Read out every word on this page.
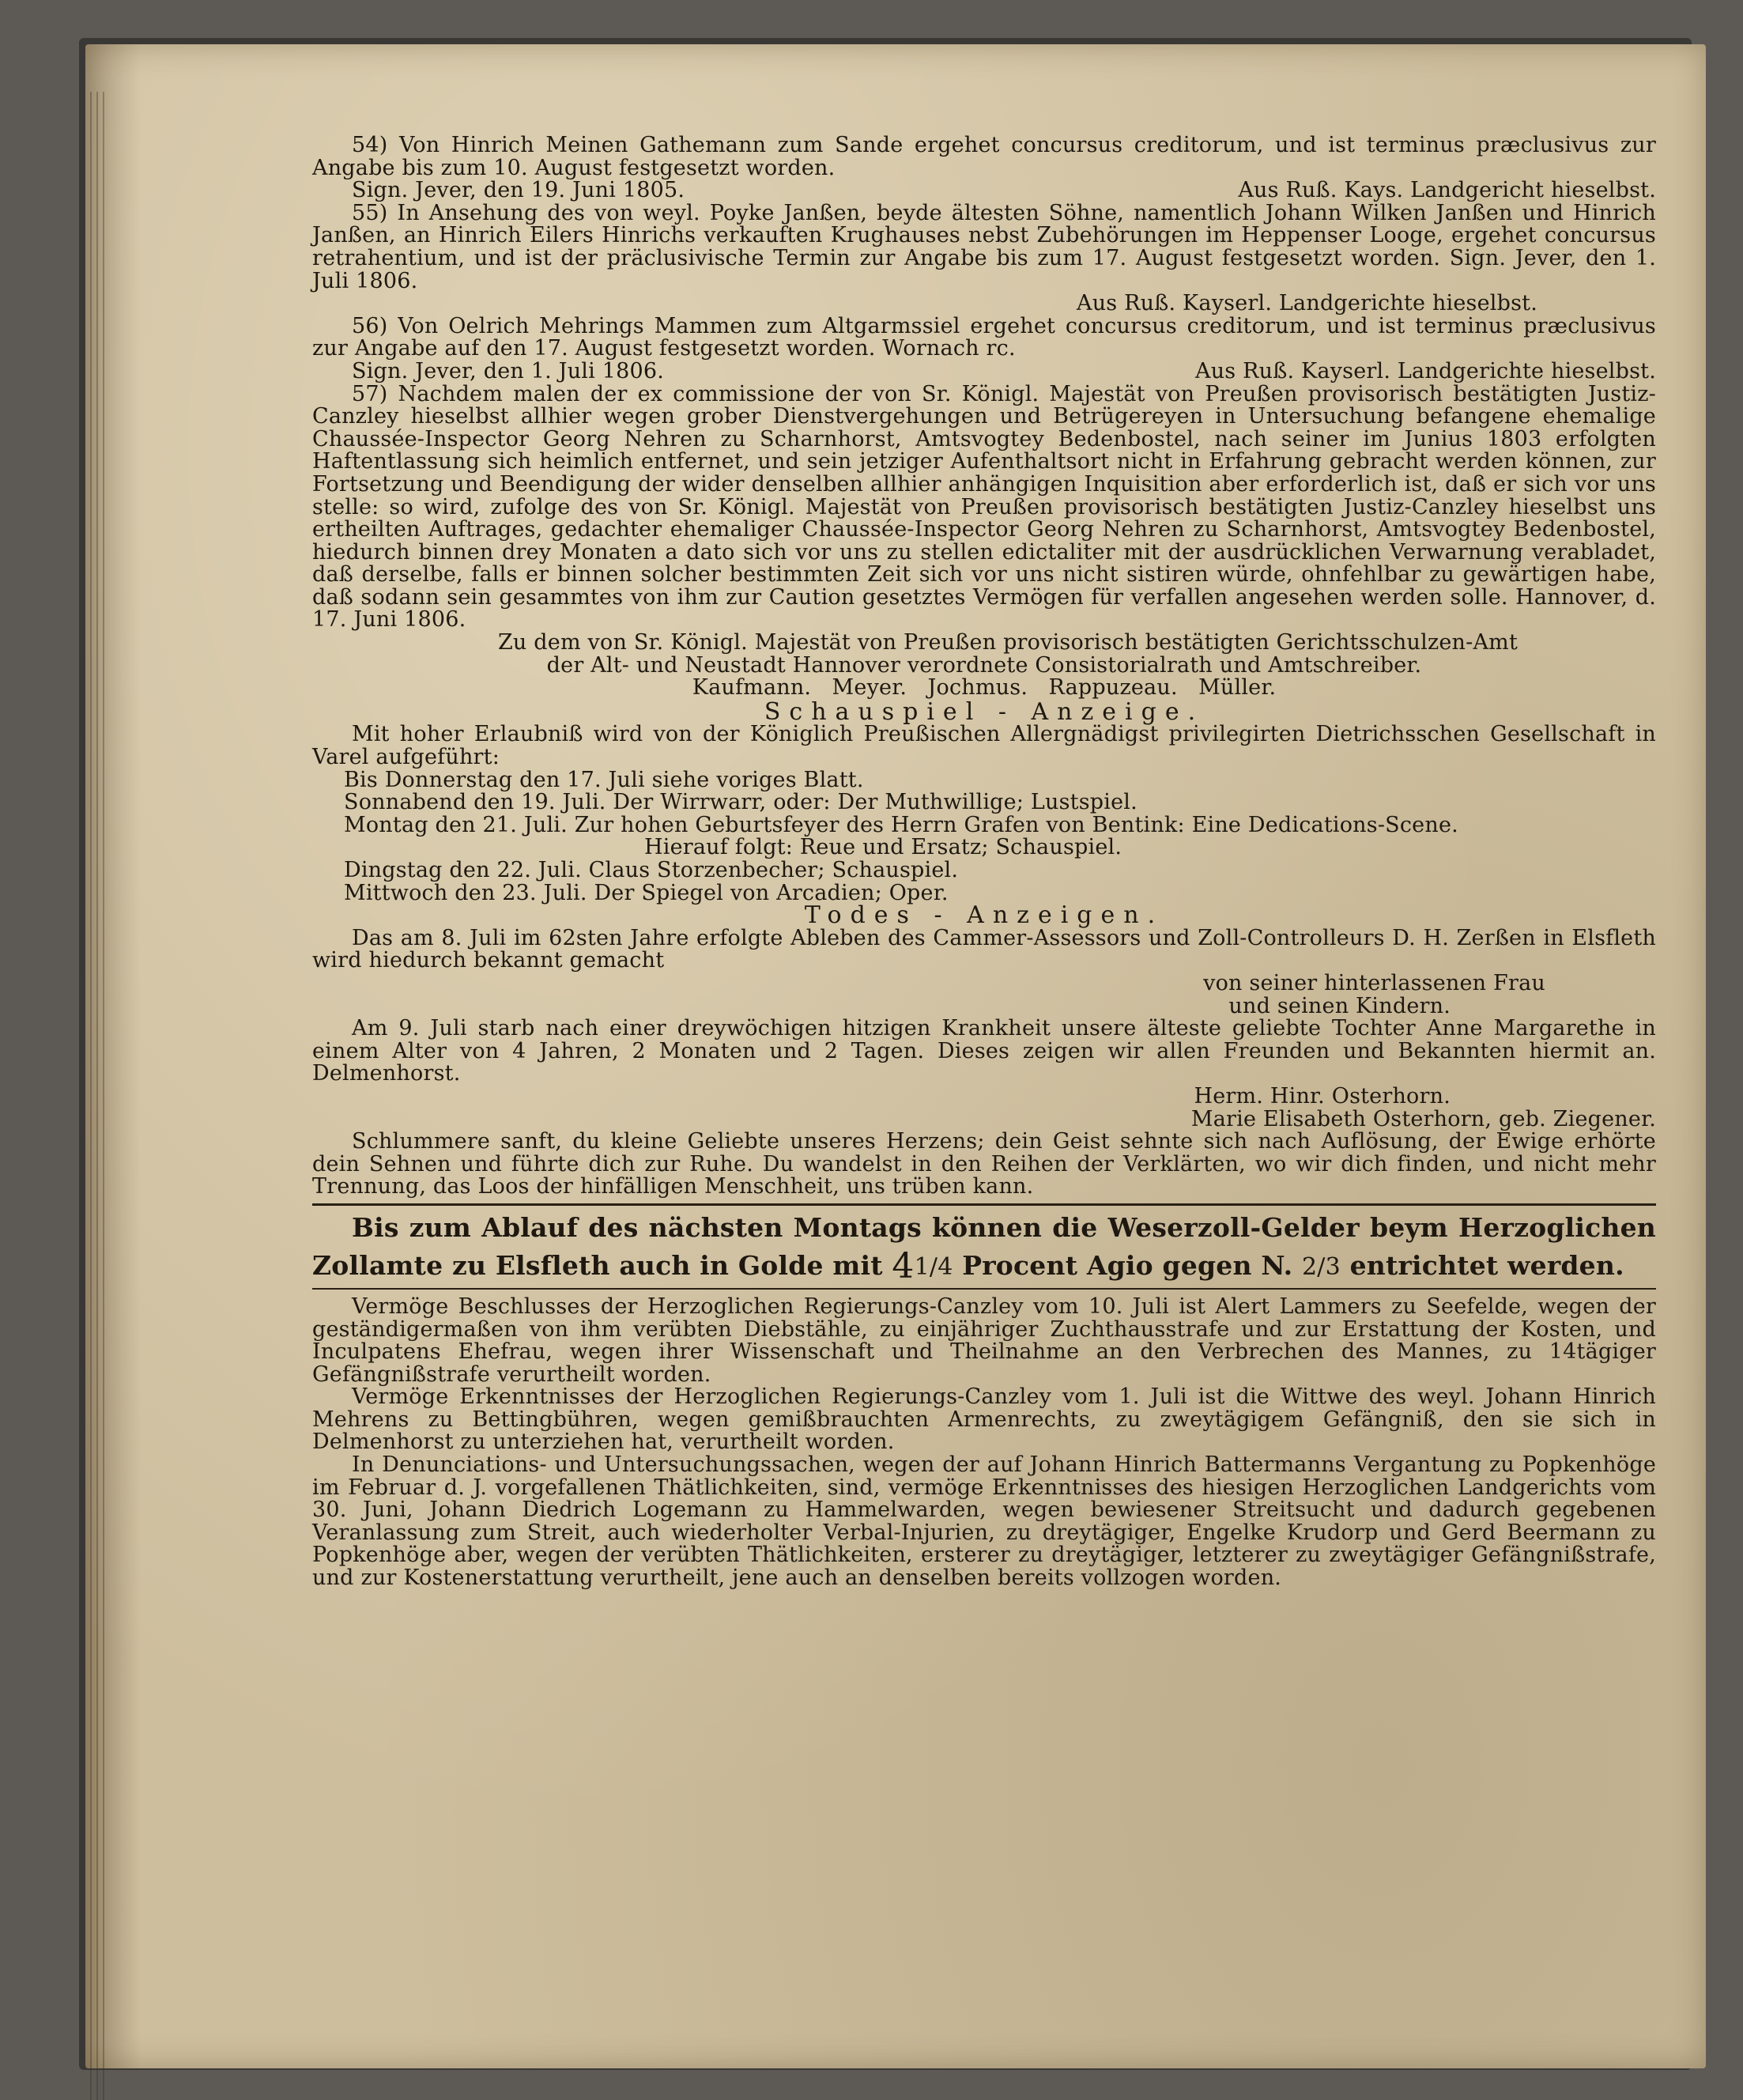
54) Von Hinrich Meinen Gathemann zum Sande ergehet concursus creditorum, und ist terminus præclusivus zur Angabe bis zum 10. August festgesetzt worden.
Sign. Jever, den 19. Juni 1805.	Aus Ruß. Kays. Landgericht hieselbst.
55) In Ansehung des von weyl. Poyke Janßen, beyde ältesten Söhne, namentlich Johann Wilken Janßen und Hinrich Janßen, an Hinrich Eilers Hinrichs verkauften Krughauses nebst Zubehörungen im Heppenser Looge, ergehet concursus retrahentium, und ist der präclusivische Termin zur Angabe bis zum 17. August festgesetzt worden. Sign. Jever, den 1. Juli 1806.
Aus Ruß. Kayserl. Landgerichte hieselbst.
56) Von Oelrich Mehrings Mammen zum Altgarmssiel ergehet concursus creditorum, und ist terminus præclusivus zur Angabe auf den 17. August festgesetzt worden. Wornach rc.
Sign. Jever, den 1. Juli 1806.	Aus Ruß. Kayserl. Landgerichte hieselbst.
57) Nachdem malen der ex commissione der von Sr. Königl. Majestät von Preußen provisorisch bestätigten Justiz-Canzley hieselbst allhier wegen grober Dienstvergehungen und Betrügereyen in Untersuchung befangene ehemalige Chaussée-Inspector Georg Nehren zu Scharnhorst, Amtsvogtey Bedenbostel, nach seiner im Junius 1803 erfolgten Haftentlassung sich heimlich entfernet, und sein jetziger Aufenthaltsort nicht in Erfahrung gebracht werden können, zur Fortsetzung und Beendigung der wider denselben allhier anhängigen Inquisition aber erforderlich ist, daß er sich vor uns stelle: so wird, zufolge des von Sr. Königl. Majestät von Preußen provisorisch bestätigten Justiz-Canzley hieselbst uns ertheilten Auftrages, gedachter ehemaliger Chaussée-Inspector Georg Nehren zu Scharnhorst, Amtsvogtey Bedenbostel, hiedurch binnen drey Monaten a dato sich vor uns zu stellen edictaliter mit der ausdrücklichen Verwarnung verabladet, daß derselbe, falls er binnen solcher bestimmten Zeit sich vor uns nicht sistiren würde, ohnfehlbar zu gewärtigen habe, daß sodann sein gesammtes von ihm zur Caution gesetztes Vermögen für verfallen angesehen werden solle. Hannover, d. 17. Juni 1806.
Zu dem von Sr. Königl. Majestät von Preußen provisorisch bestätigten Gerichtsschulzen-Amt
der Alt- und Neustadt Hannover verordnete Consistorialrath und Amtschreiber.
Kaufmann.   Meyer.   Jochmus.   Rappuzeau.   Müller.
Schauspiel - Anzeige.
Mit hoher Erlaubniß wird von der Königlich Preußischen Allergnädigst privilegirten Dietrichsschen Gesellschaft in Varel aufgeführt:
Bis Donnerstag den 17. Juli siehe voriges Blatt.
Sonnabend den 19. Juli. Der Wirrwarr, oder: Der Muthwillige; Lustspiel.
Montag den 21. Juli. Zur hohen Geburtsfeyer des Herrn Grafen von Bentink: Eine Dedications-Scene.
Hierauf folgt: Reue und Ersatz; Schauspiel.
Dingstag den 22. Juli. Claus Storzenbecher; Schauspiel.
Mittwoch den 23. Juli. Der Spiegel von Arcadien; Oper.
Todes - Anzeigen.
Das am 8. Juli im 62sten Jahre erfolgte Ableben des Cammer-Assessors und Zoll-Controlleurs D. H. Zerßen in Elsfleth wird hiedurch bekannt gemacht
von seiner hinterlassenen Frau
und seinen Kindern.
Am 9. Juli starb nach einer dreywöchigen hitzigen Krankheit unsere älteste geliebte Tochter Anne Margarethe in einem Alter von 4 Jahren, 2 Monaten und 2 Tagen. Dieses zeigen wir allen Freunden und Bekannten hiermit an. Delmenhorst.
Herm. Hinr. Osterhorn.
Marie Elisabeth Osterhorn, geb. Ziegener.
Schlummere sanft, du kleine Geliebte unseres Herzens; dein Geist sehnte sich nach Auflösung, der Ewige erhörte dein Sehnen und führte dich zur Ruhe. Du wandelst in den Reihen der Verklärten, wo wir dich finden, und nicht mehr Trennung, das Loos der hinfälligen Menschheit, uns trüben kann.
Bis zum Ablauf des nächsten Montags können die Weserzoll-Gelder beym Herzoglichen Zollamte zu Elsfleth auch in Golde mit 41/4 Procent Agio gegen N. 2/3 entrichtet werden.
Vermöge Beschlusses der Herzoglichen Regierungs-Canzley vom 10. Juli ist Alert Lammers zu Seefelde, wegen der geständigermaßen von ihm verübten Diebstähle, zu einjähriger Zuchthausstrafe und zur Erstattung der Kosten, und Inculpatens Ehefrau, wegen ihrer Wissenschaft und Theilnahme an den Verbrechen des Mannes, zu 14tägiger Gefängnißstrafe verurtheilt worden.
Vermöge Erkenntnisses der Herzoglichen Regierungs-Canzley vom 1. Juli ist die Wittwe des weyl. Johann Hinrich Mehrens zu Bettingbühren, wegen gemißbrauchten Armenrechts, zu zweytägigem Gefängniß, den sie sich in Delmenhorst zu unterziehen hat, verurtheilt worden.
In Denunciations- und Untersuchungssachen, wegen der auf Johann Hinrich Battermanns Vergantung zu Popkenhöge im Februar d. J. vorgefallenen Thätlichkeiten, sind, vermöge Erkenntnisses des hiesigen Herzoglichen Landgerichts vom 30. Juni, Johann Diedrich Logemann zu Hammelwarden, wegen bewiesener Streitsucht und dadurch gegebenen Veranlassung zum Streit, auch wiederholter Verbal-Injurien, zu dreytägiger, Engelke Krudorp und Gerd Beermann zu Popkenhöge aber, wegen der verübten Thätlichkeiten, ersterer zu dreytägiger, letzterer zu zweytägiger Gefängnißstrafe, und zur Kostenerstattung verurtheilt, jene auch an denselben bereits vollzogen worden.
